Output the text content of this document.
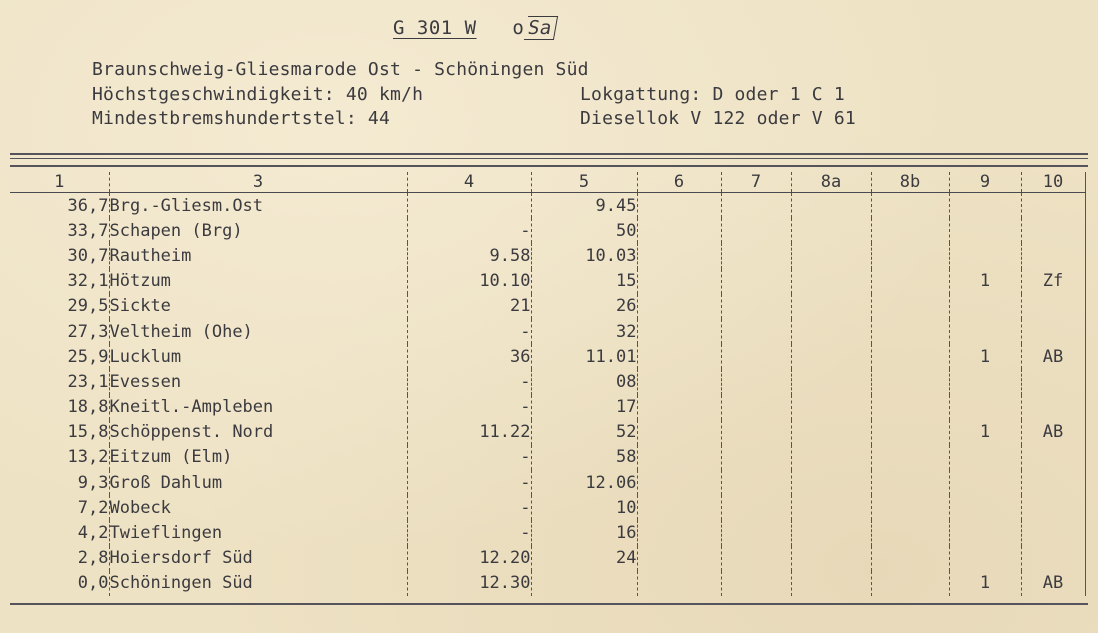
G 301 W o Sa
Braunschweig-Gliesmarode Ost - Schöningen Süd
Höchstgeschwindigkeit: 40 km/h	Lokgattung: D oder 1 C 1
Mindestbremshundertstel: 44	Diesellok V 122 oder V 61
1	3	4	5	6	7	8a	8b	9	10
36,7	Brg.-Gliesm.Ost		9.45						
33,7	Schapen (Brg)	-	50						
30,7	Rautheim	9.58	10.03						
32,1	Hötzum	10.10	15					1	Zf
29,5	Sickte	21	26						
27,3	Veltheim (Ohe)	-	32						
25,9	Lucklum	36	11.01					1	AB
23,1	Evessen	-	08						
18,8	Kneitl.-Ampleben	-	17						
15,8	Schöppenst. Nord	11.22	52					1	AB
13,2	Eitzum (Elm)	-	58						
9,3	Groß Dahlum	-	12.06						
7,2	Wobeck	-	10						
4,2	Twieflingen	-	16						
2,8	Hoiersdorf Süd	12.20	24						
0,0	Schöningen Süd	12.30						1	AB
